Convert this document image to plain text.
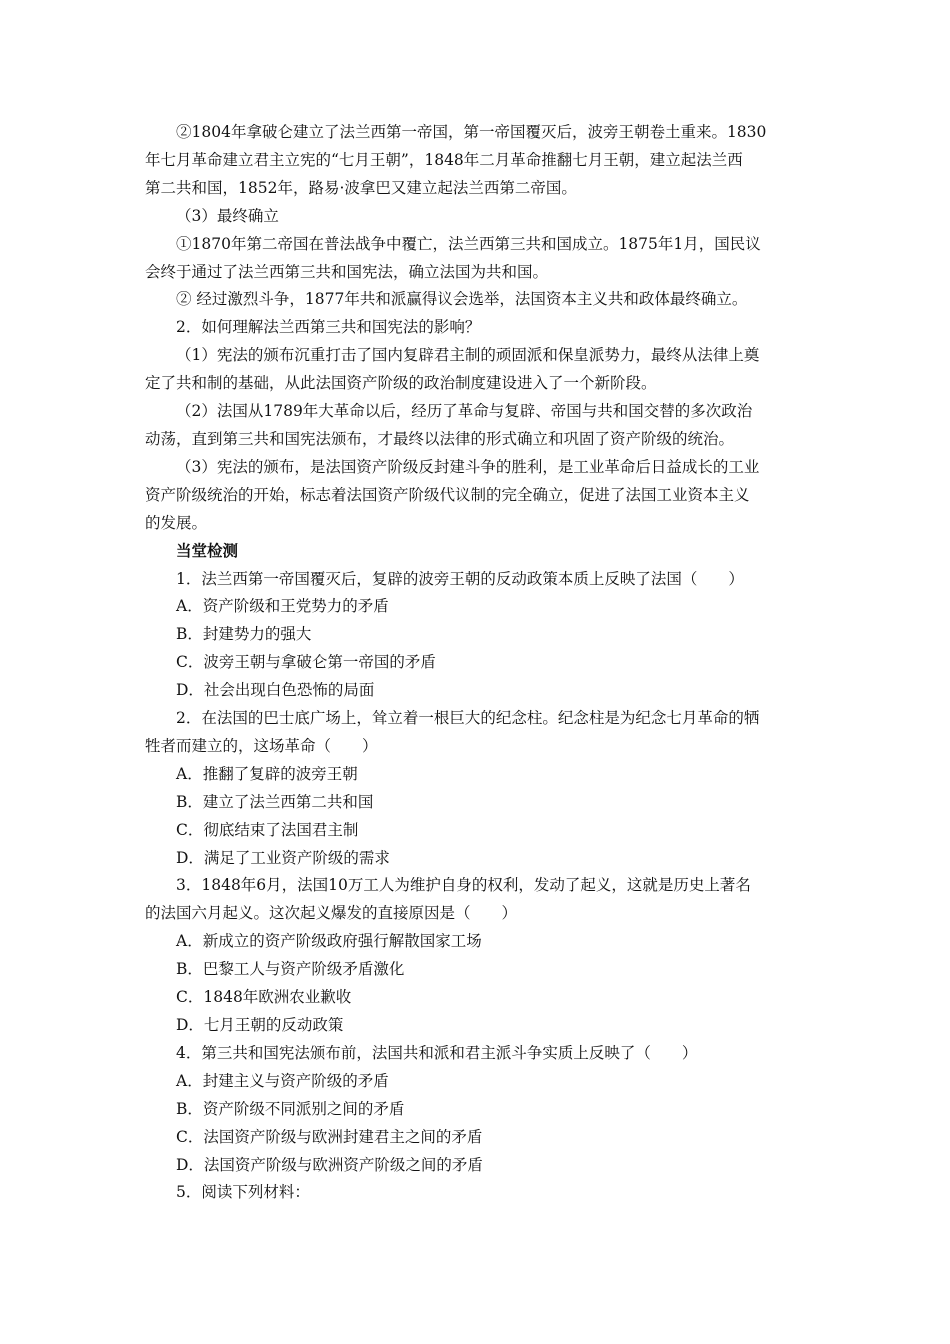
②1804年拿破仑建立了法兰西第一帝国，第一帝国覆灭后，波旁王朝卷土重来。1830

年七月革命建立君主立宪的“七月王朝”，1848年二月革命推翻七月王朝，建立起法兰西

第二共和国，1852年，路易·波拿巴又建立起法兰西第二帝国。

（3）最终确立

①1870年第二帝国在普法战争中覆亡，法兰西第三共和国成立。1875年1月，国民议

会终于通过了法兰西第三共和国宪法，确立法国为共和国。

② 经过激烈斗争，1877年共和派赢得议会选举，法国资本主义共和政体最终确立。

2．如何理解法兰西第三共和国宪法的影响？

（1）宪法的颁布沉重打击了国内复辟君主制的顽固派和保皇派势力，最终从法律上奠

定了共和制的基础，从此法国资产阶级的政治制度建设进入了一个新阶段。

（2）法国从1789年大革命以后，经历了革命与复辟、帝国与共和国交替的多次政治

动荡，直到第三共和国宪法颁布，才最终以法律的形式确立和巩固了资产阶级的统治。

（3）宪法的颁布，是法国资产阶级反封建斗争的胜利，是工业革命后日益成长的工业

资产阶级统治的开始，标志着法国资产阶级代议制的完全确立，促进了法国工业资本主义

的发展。

当堂检测

1．法兰西第一帝国覆灭后，复辟的波旁王朝的反动政策本质上反映了法国（　　）

A．资产阶级和王党势力的矛盾

B．封建势力的强大

C．波旁王朝与拿破仑第一帝国的矛盾

D．社会出现白色恐怖的局面

2．在法国的巴士底广场上，耸立着一根巨大的纪念柱。纪念柱是为纪念七月革命的牺

牲者而建立的，这场革命（　　）

A．推翻了复辟的波旁王朝

B．建立了法兰西第二共和国

C．彻底结束了法国君主制

D．满足了工业资产阶级的需求

3．1848年6月，法国10万工人为维护自身的权利，发动了起义，这就是历史上著名

的法国六月起义。这次起义爆发的直接原因是（　　）

A．新成立的资产阶级政府强行解散国家工场

B．巴黎工人与资产阶级矛盾激化

C．1848年欧洲农业歉收

D．七月王朝的反动政策

4．第三共和国宪法颁布前，法国共和派和君主派斗争实质上反映了（　　）

A．封建主义与资产阶级的矛盾

B．资产阶级不同派别之间的矛盾

C．法国资产阶级与欧洲封建君主之间的矛盾

D．法国资产阶级与欧洲资产阶级之间的矛盾

5．阅读下列材料：
